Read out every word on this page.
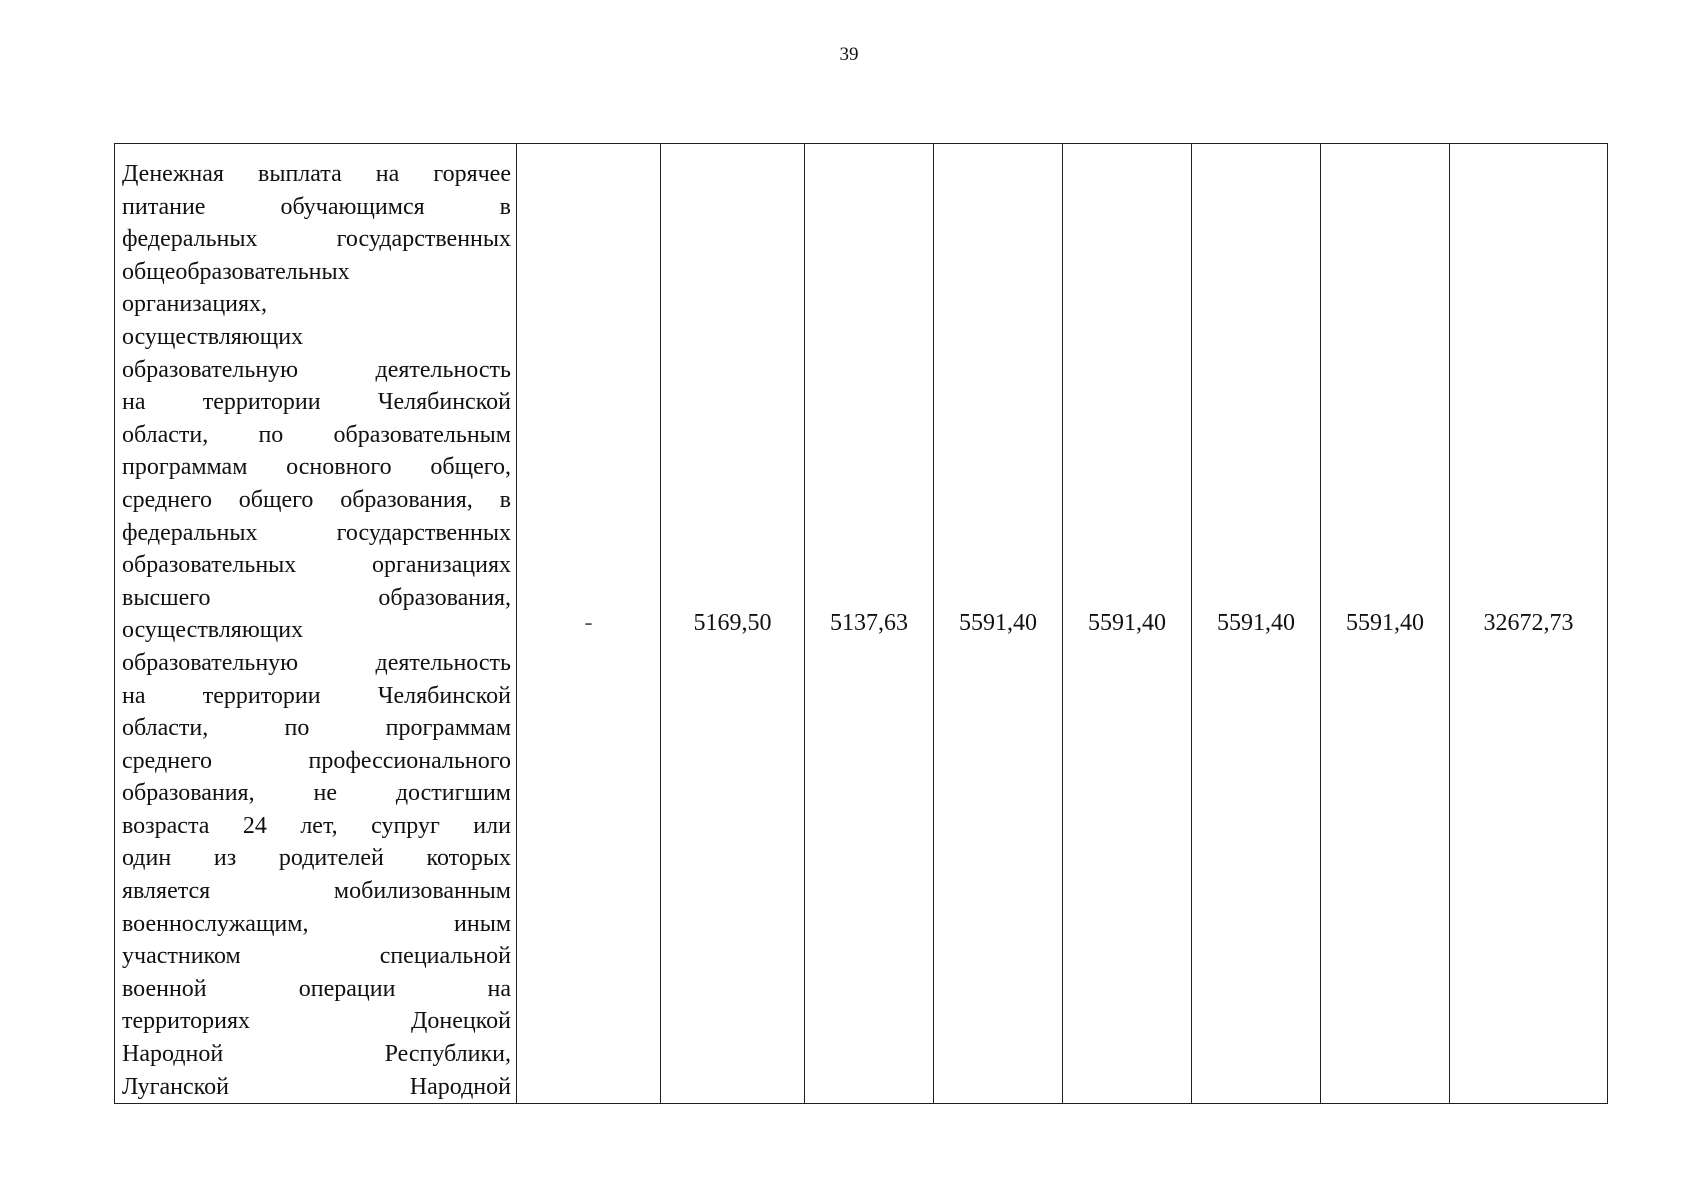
39
Денежная выплата на горячее
питание	обучающимся	в
федеральных	государственных
общеобразовательных
организациях,
осуществляющих
образовательную	деятельность
на территории Челябинской
области, по образовательным
программам основного общего,
среднего общего образования, в
федеральных	государственных
образовательных	организациях
высшего	образования,
осуществляющих
образовательную	деятельность
на территории Челябинской
области,	по	программам
среднего	профессионального
образования, не достигшим
возраста 24 лет, супруг или
один из родителей которых
является	мобилизованным
военнослужащим,	иным
участником	специальной
военной	операции	на
территориях	Донецкой
Народной	Республики,
Луганской	Народной
	-	5169,50	5137,63	5591,40	5591,40	5591,40	5591,40	32672,73
